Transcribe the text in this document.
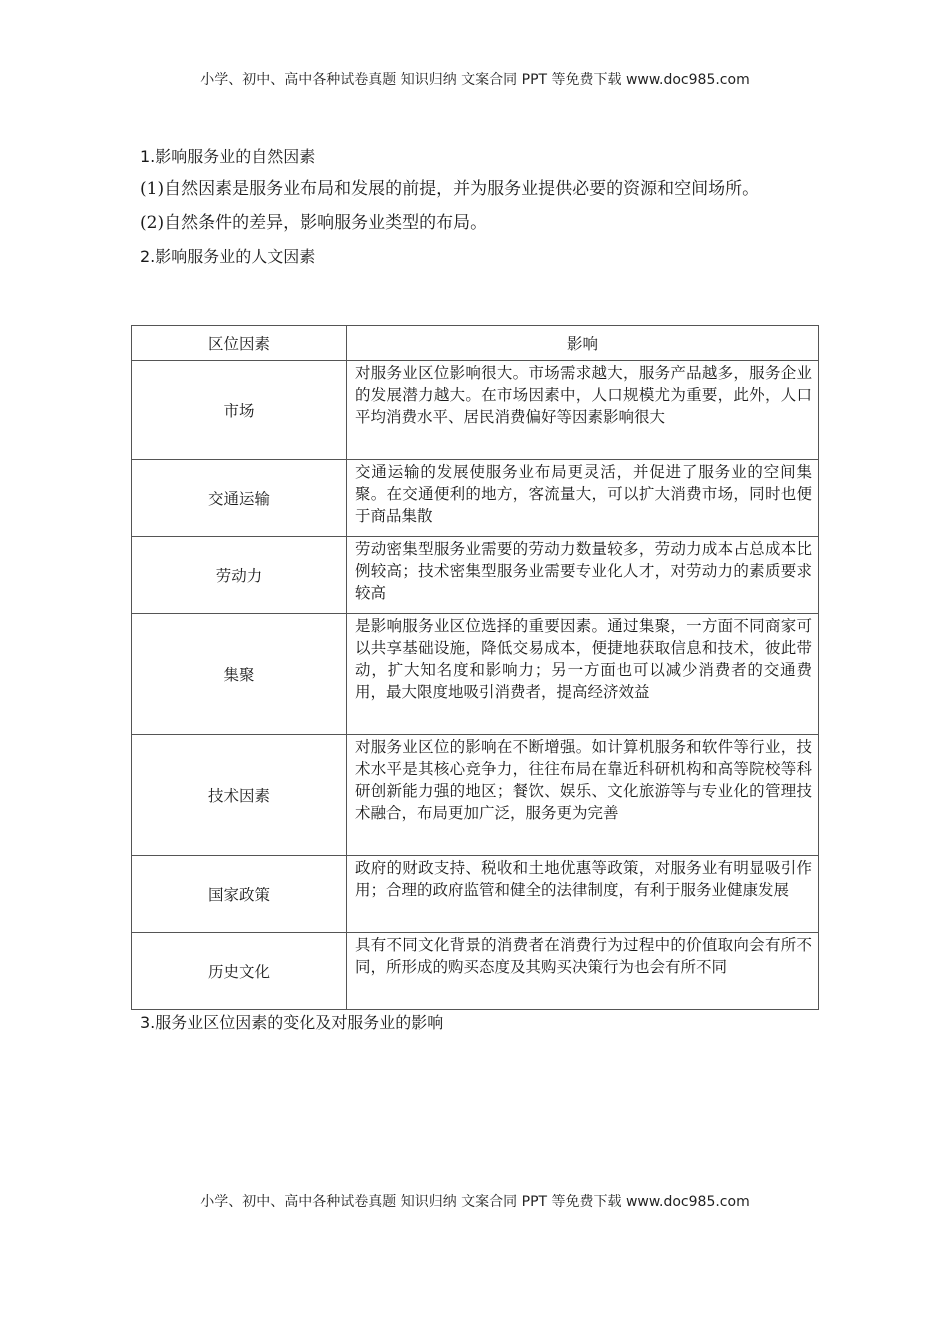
小学、初中、高中各种试卷真题 知识归纳 文案合同 PPT 等免费下载 www.doc985.com

1.影响服务业的自然因素

(1)自然因素是服务业布局和发展的前提，并为服务业提供必要的资源和空间场所。

(2)自然条件的差异，影响服务业类型的布局。

2.影响服务业的人文因素

区位因素	影响
市场	对服务业区位影响很大。市场需求越大，服务产品越多，服务企业的发展潜力越大。在市场因素中，人口规模尤为重要，此外，人口平均消费水平、居民消费偏好等因素影响很大
交通运输	交通运输的发展使服务业布局更灵活，并促进了服务业的空间集聚。在交通便利的地方，客流量大，可以扩大消费市场，同时也便于商品集散
劳动力	劳动密集型服务业需要的劳动力数量较多，劳动力成本占总成本比例较高；技术密集型服务业需要专业化人才，对劳动力的素质要求较高
集聚	是影响服务业区位选择的重要因素。通过集聚，一方面不同商家可以共享基础设施，降低交易成本，便捷地获取信息和技术，彼此带动，扩大知名度和影响力；另一方面也可以减少消费者的交通费用，最大限度地吸引消费者，提高经济效益
技术因素	对服务业区位的影响在不断增强。如计算机服务和软件等行业，技术水平是其核心竞争力，往往布局在靠近科研机构和高等院校等科研创新能力强的地区；餐饮、娱乐、文化旅游等与专业化的管理技术融合，布局更加广泛，服务更为完善
国家政策	政府的财政支持、税收和土地优惠等政策，对服务业有明显吸引作用；合理的政府监管和健全的法律制度，有利于服务业健康发展
历史文化	具有不同文化背景的消费者在消费行为过程中的价值取向会有所不同，所形成的购买态度及其购买决策行为也会有所不同
3.服务业区位因素的变化及对服务业的影响
小学、初中、高中各种试卷真题 知识归纳 文案合同 PPT 等免费下载 www.doc985.com
